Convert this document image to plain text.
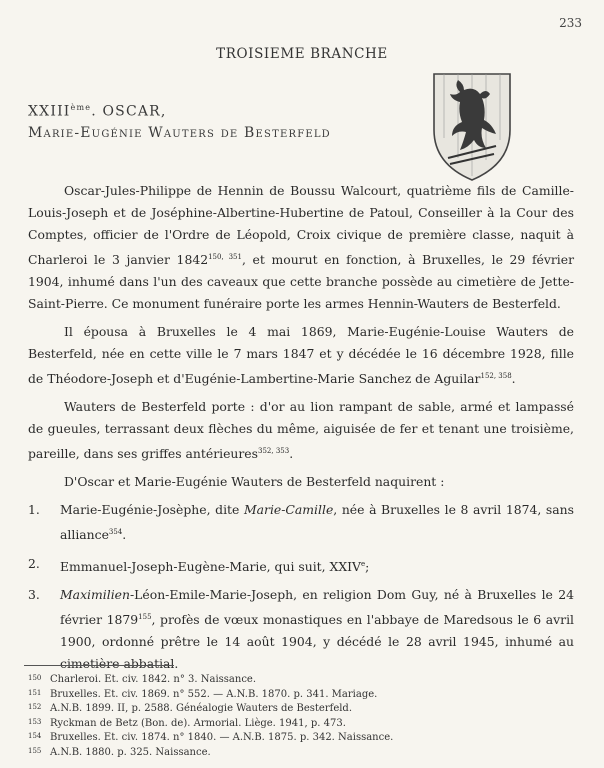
233
TROISIEME BRANCHE
XXIIIème. OSCAR,
Marie-Eugénie Wauters de Besterfeld

Oscar-Jules-Philippe de Hennin de Boussu Walcourt, quatrième fils de Camille-Louis-Joseph et de Joséphine-Albertine-Hubertine de Patoul, Conseiller à la Cour des Comptes, officier de l'Ordre de Léopold, Croix civique de première classe, naquit à Charleroi le 3 janvier 1842$^{150, 351}$, et mourut en fonction, à Bruxelles, le 29 février 1904, inhumé dans l'un des caveaux que cette branche possède au cimetière de Jette-Saint-Pierre. Ce monument funéraire porte les armes Hennin-Wauters de Besterfeld.

Il épousa à Bruxelles le 4 mai 1869, Marie-Eugénie-Louise Wauters de Besterfeld, née en cette ville le 7 mars 1847 et y décédée le 16 décembre 1928, fille de Théodore-Joseph et d'Eugénie-Lambertine-Marie Sanchez de Aguilar$^{152, 358}$.

Wauters de Besterfeld porte : d'or au lion rampant de sable, armé et lampassé de gueules, terrassant deux flèches du même, aiguisée de fer et tenant une troisième, pareille, dans ses griffes antérieures$^{352, 353}$.

D'Oscar et Marie-Eugénie Wauters de Besterfeld naquirent :

1. Marie-Eugénie-Josèphe, dite Marie-Camille, née à Bruxelles le 8 avril 1874, sans alliance$^{354}$.
2. Emmanuel-Joseph-Eugène-Marie, qui suit, XXIVe;
3. Maximilien-Léon-Emile-Marie-Joseph, en religion Dom Guy, né à Bruxelles le 24 février 1879$^{155}$, profès de vœux monastiques en l'abbaye de Maredsous le 6 avril 1900, ordonné prêtre le 14 août 1904, y décédé le 28 avril 1945, inhumé au cimetière abbatial.
150 Charleroi. Et. civ. 1842. n° 3. Naissance.
151 Bruxelles. Et. civ. 1869. n° 552. — A.N.B. 1870. p. 341. Mariage.
152 A.N.B. 1899. II, p. 2588. Généalogie Wauters de Besterfeld.
153 Ryckman de Betz (Bon. de). Armorial. Liège. 1941, p. 473.
154 Bruxelles. Et. civ. 1874. n° 1840. — A.N.B. 1875. p. 342. Naissance.
155 A.N.B. 1880. p. 325. Naissance.
